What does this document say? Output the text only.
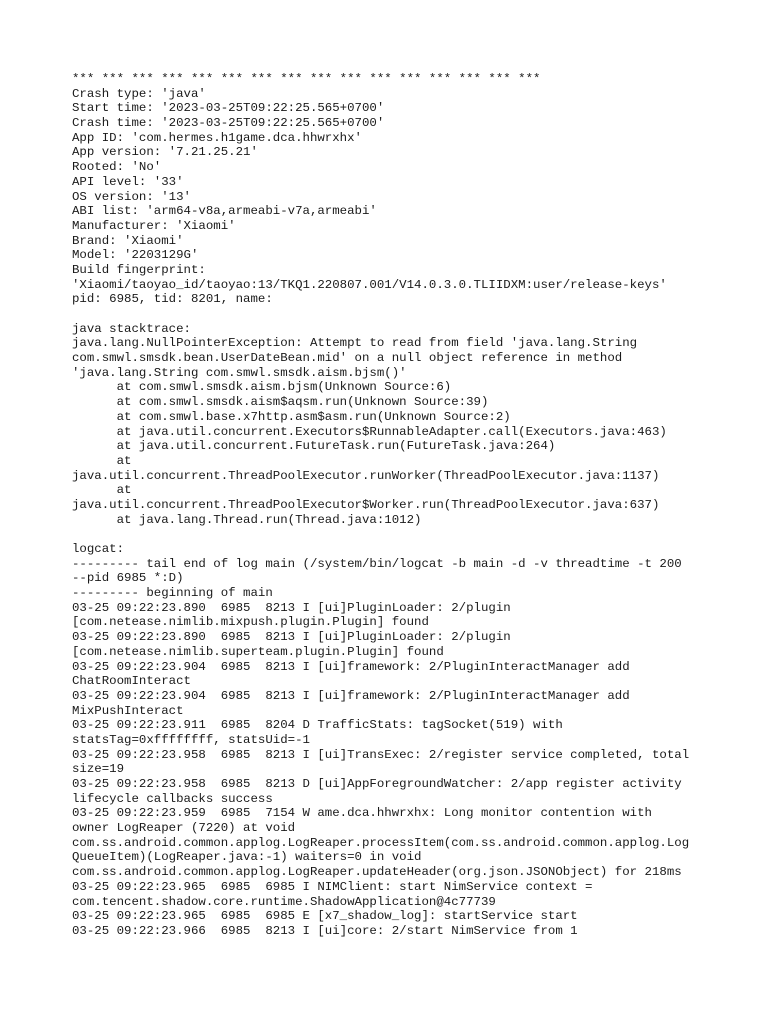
*** *** *** *** *** *** *** *** *** *** *** *** *** *** *** ***
Crash type: 'java'
Start time: '2023-03-25T09:22:25.565+0700'
Crash time: '2023-03-25T09:22:25.565+0700'
App ID: 'com.hermes.h1game.dca.hhwrxhx'
App version: '7.21.25.21'
Rooted: 'No'
API level: '33'
OS version: '13'
ABI list: 'arm64-v8a,armeabi-v7a,armeabi'
Manufacturer: 'Xiaomi'
Brand: 'Xiaomi'
Model: '2203129G'
Build fingerprint:
'Xiaomi/taoyao_id/taoyao:13/TKQ1.220807.001/V14.0.3.0.TLIIDXM:user/release-keys'
pid: 6985, tid: 8201, name:
java stacktrace:
java.lang.NullPointerException: Attempt to read from field 'java.lang.String
com.smwl.smsdk.bean.UserDateBean.mid' on a null object reference in method
'java.lang.String com.smwl.smsdk.aism.bjsm()'
at com.smwl.smsdk.aism.bjsm(Unknown Source:6)
at com.smwl.smsdk.aism$aqsm.run(Unknown Source:39)
at com.smwl.base.x7http.asm$asm.run(Unknown Source:2)
at java.util.concurrent.Executors$RunnableAdapter.call(Executors.java:463)
at java.util.concurrent.FutureTask.run(FutureTask.java:264)
at
java.util.concurrent.ThreadPoolExecutor.runWorker(ThreadPoolExecutor.java:1137)
at
java.util.concurrent.ThreadPoolExecutor$Worker.run(ThreadPoolExecutor.java:637)
at java.lang.Thread.run(Thread.java:1012)
logcat:
--------- tail end of log main (/system/bin/logcat -b main -d -v threadtime -t 200
--pid 6985 *:D)
--------- beginning of main
03-25 09:22:23.890  6985  8213 I [ui]PluginLoader: 2/plugin
[com.netease.nimlib.mixpush.plugin.Plugin] found
03-25 09:22:23.890  6985  8213 I [ui]PluginLoader: 2/plugin
[com.netease.nimlib.superteam.plugin.Plugin] found
03-25 09:22:23.904  6985  8213 I [ui]framework: 2/PluginInteractManager add
ChatRoomInteract
03-25 09:22:23.904  6985  8213 I [ui]framework: 2/PluginInteractManager add
MixPushInteract
03-25 09:22:23.911  6985  8204 D TrafficStats: tagSocket(519) with
statsTag=0xffffffff, statsUid=-1
03-25 09:22:23.958  6985  8213 I [ui]TransExec: 2/register service completed, total
size=19
03-25 09:22:23.958  6985  8213 D [ui]AppForegroundWatcher: 2/app register activity
lifecycle callbacks success
03-25 09:22:23.959  6985  7154 W ame.dca.hhwrxhx: Long monitor contention with
owner LogReaper (7220) at void
com.ss.android.common.applog.LogReaper.processItem(com.ss.android.common.applog.Log
QueueItem)(LogReaper.java:-1) waiters=0 in void
com.ss.android.common.applog.LogReaper.updateHeader(org.json.JSONObject) for 218ms
03-25 09:22:23.965  6985  6985 I NIMClient: start NimService context =
com.tencent.shadow.core.runtime.ShadowApplication@4c77739
03-25 09:22:23.965  6985  6985 E [x7_shadow_log]: startService start
03-25 09:22:23.966  6985  8213 I [ui]core: 2/start NimService from 1
